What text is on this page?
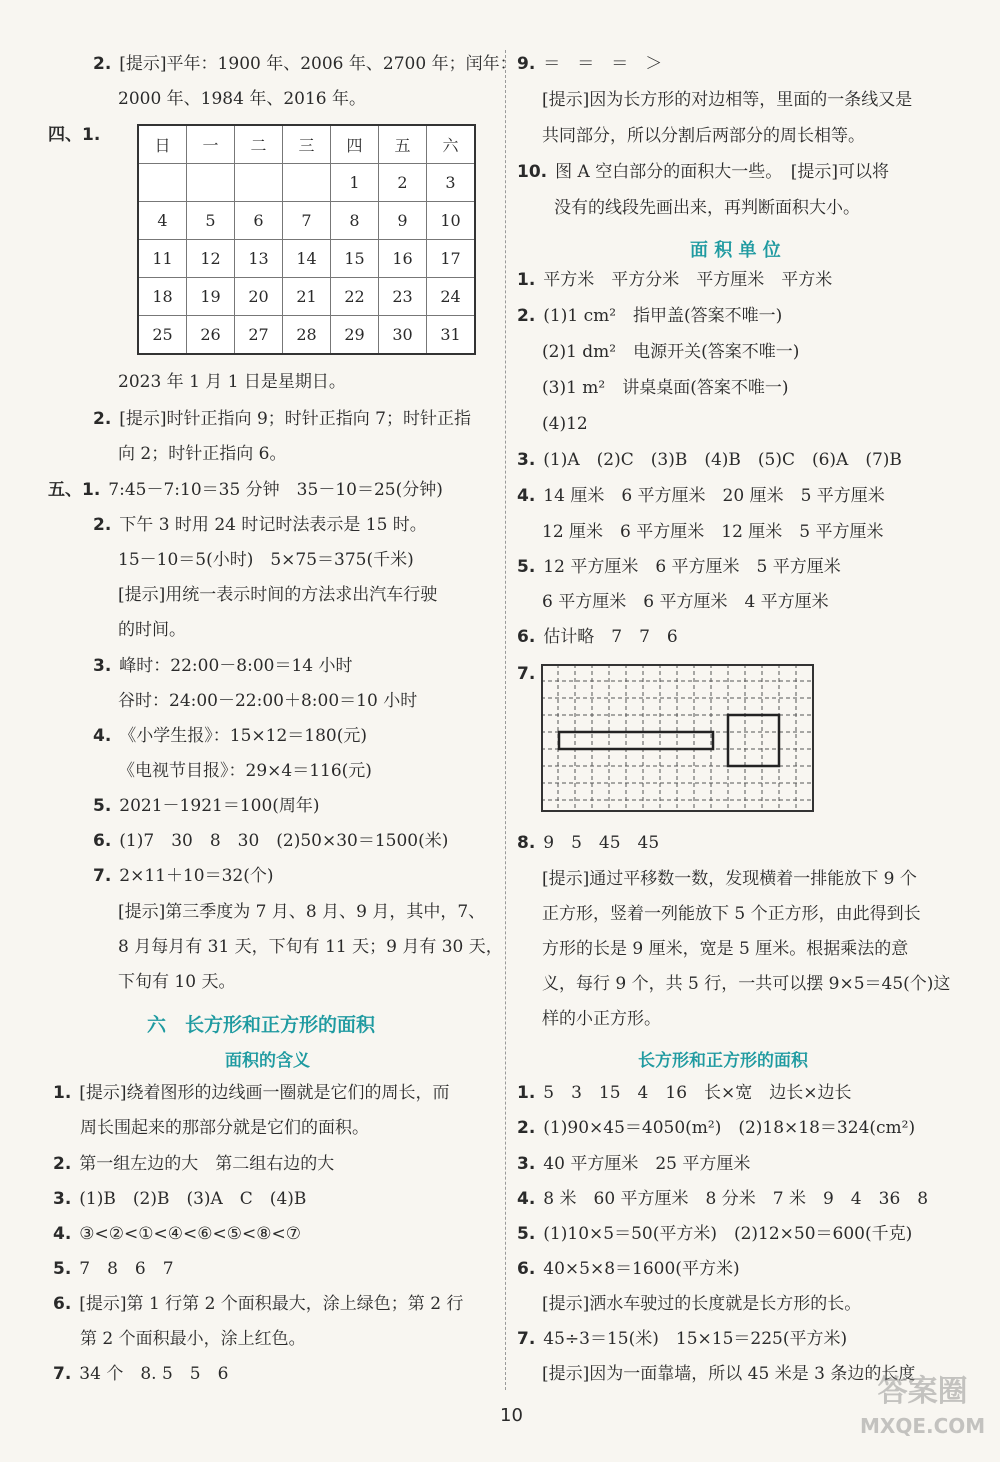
2. [提示]平年：1900 年、2006 年、2700 年；闰年：
2000 年、1984 年、2016 年。
四、1.
2023 年 1 月 1 日是星期日。
2. [提示]时针正指向 9；时针正指向 7；时针正指
向 2；时针正指向 6。
五、1. 7:45－7:10＝35 分钟　35－10＝25(分钟)
2. 下午 3 时用 24 时记时法表示是 15 时。
15－10＝5(小时)　5×75＝375(千米)
[提示]用统一表示时间的方法求出汽车行驶
的时间。
3. 峰时：22:00－8:00＝14 小时
谷时：24:00－22:00＋8:00＝10 小时
4. 《小学生报》：15×12＝180(元)
《电视节目报》：29×4＝116(元)
5. 2021－1921＝100(周年)
6. (1)7　30　8　30　(2)50×30＝1500(米)
7. 2×11＋10＝32(个)
[提示]第三季度为 7 月、8 月、9 月，其中，7、
8 月每月有 31 天，下旬有 11 天；9 月有 30 天，
下旬有 10 天。
1. [提示]绕着图形的边线画一圈就是它们的周长，而
周长围起来的那部分就是它们的面积。
2. 第一组左边的大　第二组右边的大
3. (1)B　(2)B　(3)A　C　(4)B
4. ③<②<①<④<⑥<⑤<⑧<⑦
5. 7　8　6　7
6. [提示]第 1 行第 2 个面积最大，涂上绿色；第 2 行
第 2 个面积最小，涂上红色。
7. 34 个　8. 5　5　6
9. ＝　＝　＝　＞
[提示]因为长方形的对边相等，里面的一条线又是
共同部分，所以分割后两部分的周长相等。
10. 图 A 空白部分的面积大一些。　[提示]可以将
没有的线段先画出来，再判断面积大小。
1. 平方米　平方分米　平方厘米　平方米
2. (1)1 cm²　指甲盖(答案不唯一)
(2)1 dm²　电源开关(答案不唯一)
(3)1 m²　讲桌桌面(答案不唯一)
(4)12
3. (1)A　(2)C　(3)B　(4)B　(5)C　(6)A　(7)B
4. 14 厘米　6 平方厘米　20 厘米　5 平方厘米
12 厘米　6 平方厘米　12 厘米　5 平方厘米
5. 12 平方厘米　6 平方厘米　5 平方厘米
6 平方厘米　6 平方厘米　4 平方厘米
6. 估计略　7　7　6
7.
8. 9　5　45　45
[提示]通过平移数一数，发现横着一排能放下 9 个
正方形，竖着一列能放下 5 个正方形，由此得到长
方形的长是 9 厘米，宽是 5 厘米。根据乘法的意
义，每行 9 个，共 5 行，一共可以摆 9×5＝45(个)这
样的小正方形。
1. 5　3　15　4　16　长×宽　边长×边长
2. (1)90×45＝4050(m²)　(2)18×18＝324(cm²)
3. 40 平方厘米　25 平方厘米
4. 8 米　60 平方厘米　8 分米　7 米　9　4　36　8
5. (1)10×5＝50(平方米)　(2)12×50＝600(千克)
6. 40×5×8＝1600(平方米)
[提示]洒水车驶过的长度就是长方形的长。
7. 45÷3＝15(米)　15×15＝225(平方米)
[提示]因为一面靠墙，所以 45 米是 3 条边的长度
六　长方形和正方形的面积
面积的含义
面 积 单 位
长方形和正方形的面积
日	一	二	三	四	五	六
				1	2	3
4	5	6	7	8	9	10
11	12	13	14	15	16	17
18	19	20	21	22	23	24
25	26	27	28	29	30	31
10
答案圈
MXQE.COM
